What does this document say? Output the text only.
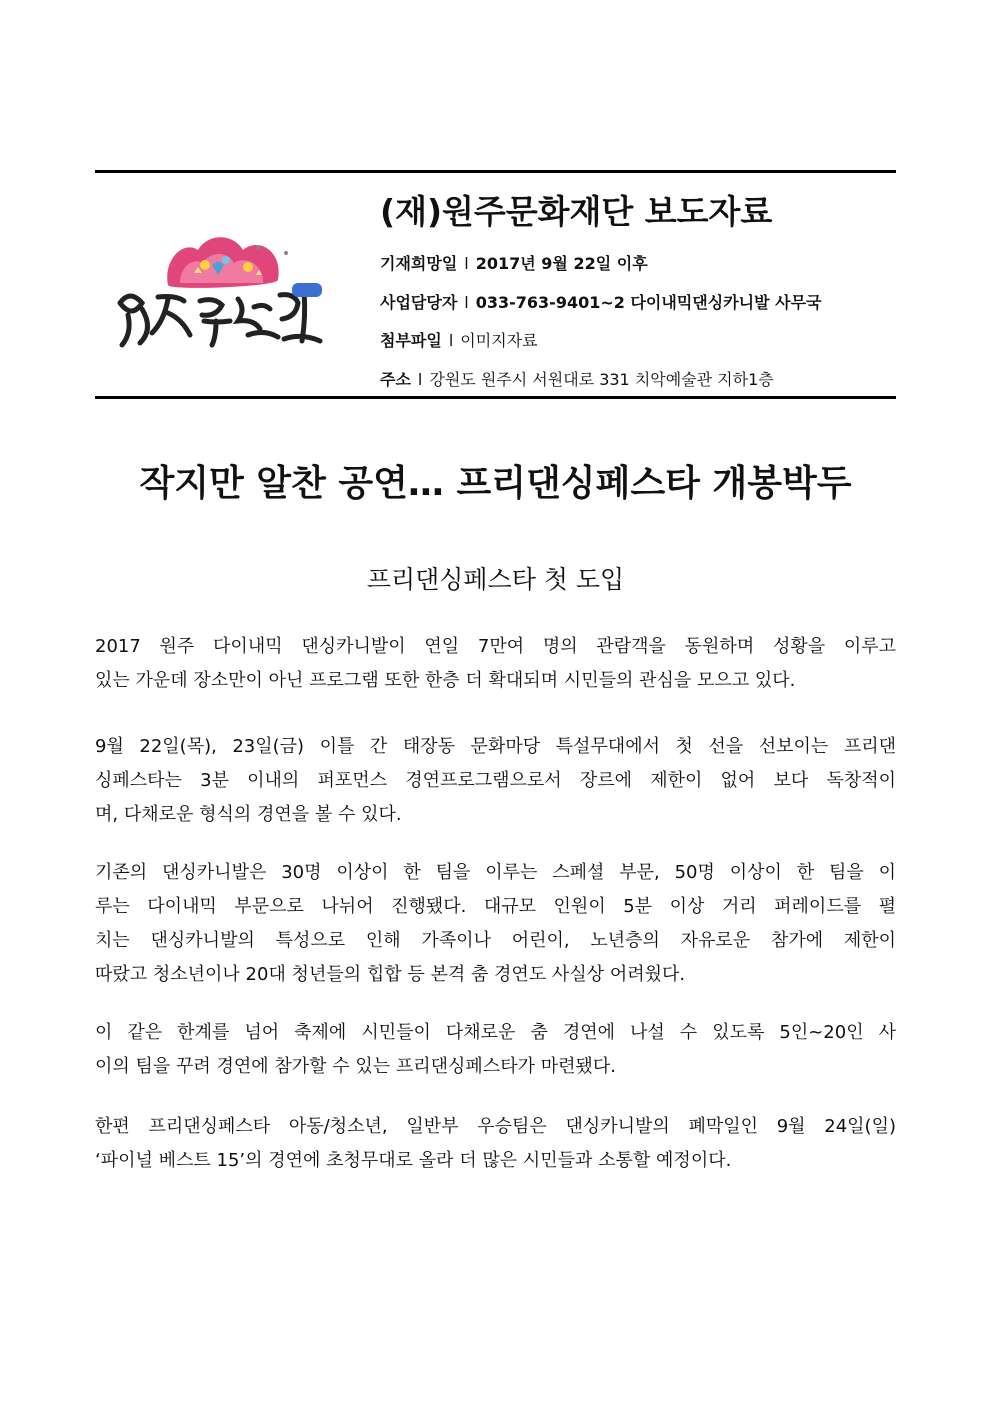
(재)원주문화재단 보도자료
기재희망일 l 2017년 9월 22일 이후
사업담당자 l 033-763-9401~2 다이내믹댄싱카니발 사무국
첨부파일 l 이미지자료
주소 l 강원도 원주시 서원대로 331 치악예술관 지하1층
작지만 알찬 공연… 프리댄싱페스타 개봉박두
프리댄싱페스타 첫 도입
2017 원주 다이내믹 댄싱카니발이 연일 7만여 명의 관람객을 동원하며 성황을 이루고
있는 가운데 장소만이 아닌 프로그램 또한 한층 더 확대되며 시민들의 관심을 모으고 있다.
9월 22일(목), 23일(금) 이틀 간 태장동 문화마당 특설무대에서 첫 선을 선보이는 프리댄
싱페스타는 3분 이내의 퍼포먼스 경연프로그램으로서 장르에 제한이 없어 보다 독창적이
며, 다채로운 형식의 경연을 볼 수 있다.
기존의 댄싱카니발은 30명 이상이 한 팀을 이루는 스페셜 부문, 50명 이상이 한 팀을 이
루는 다이내믹 부문으로 나뉘어 진행됐다. 대규모 인원이 5분 이상 거리 퍼레이드를 펼
치는 댄싱카니발의 특성으로 인해 가족이나 어린이, 노년층의 자유로운 참가에 제한이
따랐고 청소년이나 20대 청년들의 힙합 등 본격 춤 경연도 사실상 어려웠다.
이 같은 한계를 넘어 축제에 시민들이 다채로운 춤 경연에 나설 수 있도록 5인~20인 사
이의 팀을 꾸려 경연에 참가할 수 있는 프리댄싱페스타가 마련됐다.
한편 프리댄싱페스타 아동/청소년, 일반부 우승팀은 댄싱카니발의 폐막일인 9월 24일(일)
‘파이널 베스트 15’의 경연에 초청무대로 올라 더 많은 시민들과 소통할 예정이다.
